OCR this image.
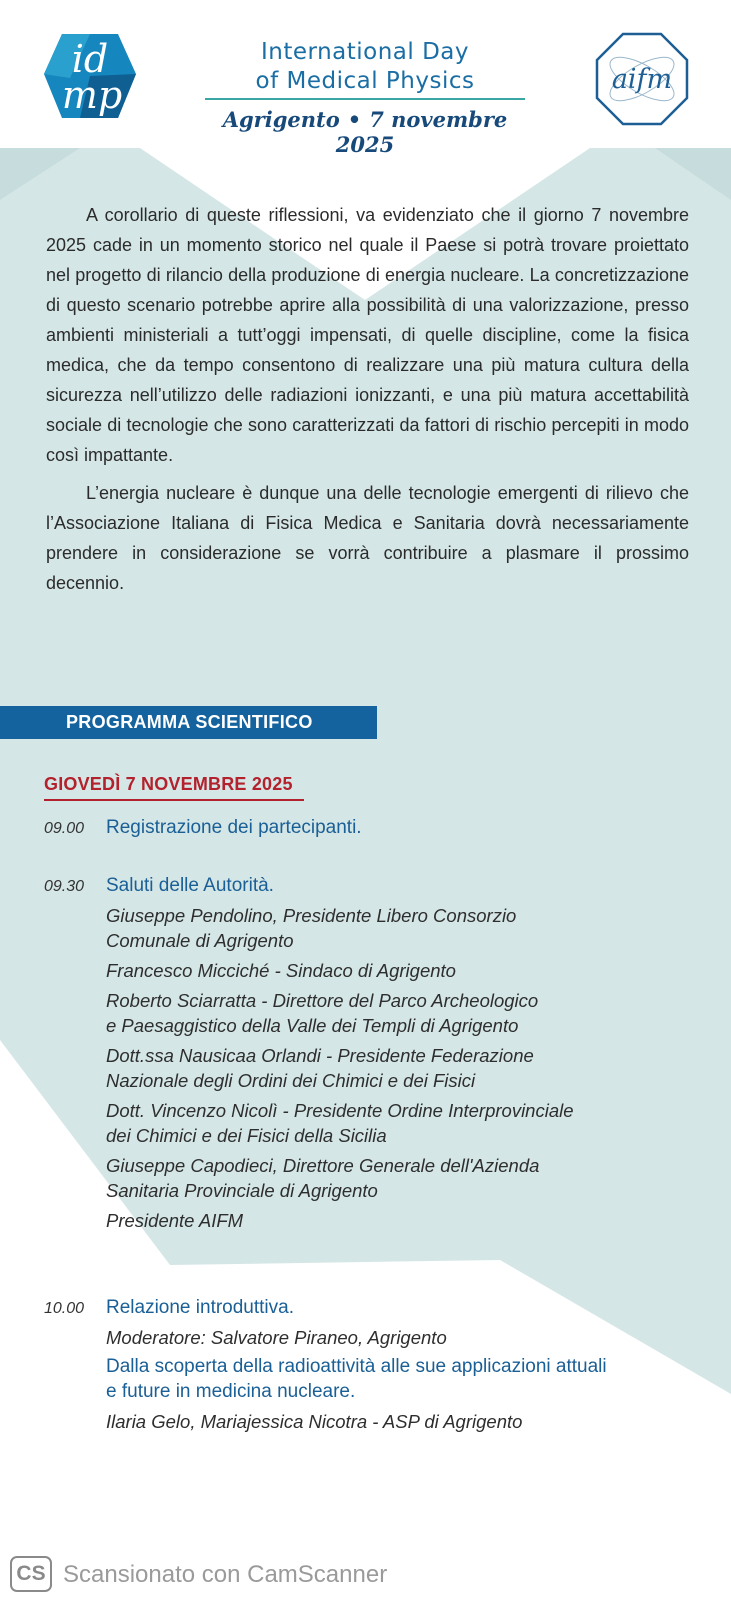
id
mp
International Day
of Medical Physics
Agrigento • 7 novembre 2025
aifm

A corollario di queste riflessioni, va evidenziato che il giorno 7 novembre 2025 cade in un momento storico nel quale il Paese si potrà trovare proiettato nel progetto di rilancio della produzione di energia nucleare. La concretizzazione di questo scenario potrebbe aprire alla possibilità di una valorizzazione, presso ambienti ministeriali a tutt’oggi impensati, di quelle discipline, come la fisica medica, che da tempo consentono di realizzare una più matura cultura della sicurezza nell’utilizzo delle radiazioni ionizzanti, e una più matura accettabilità sociale di tecnologie che sono caratterizzati da fattori di rischio percepiti in modo così impattante.

L’energia nucleare è dunque una delle tecnologie emergenti di rilievo che l’Associazione Italiana di Fisica Medica e Sanitaria dovrà necessariamente prendere in considerazione se vorrà contribuire a plasmare il prossimo decennio.

PROGRAMMA SCIENTIFICO
GIOVEDÌ 7 NOVEMBRE 2025
09.00 Registrazione dei partecipanti.
09.30 Saluti delle Autorità.
Giuseppe Pendolino, Presidente Libero Consorzio
Comunale di Agrigento
Francesco Micciché - Sindaco di Agrigento
Roberto Sciarratta - Direttore del Parco Archeologico
e Paesaggistico della Valle dei Templi di Agrigento
Dott.ssa Nausicaa Orlandi - Presidente Federazione
Nazionale degli Ordini dei Chimici e dei Fisici
Dott. Vincenzo Nicolì - Presidente Ordine Interprovinciale
dei Chimici e dei Fisici della Sicilia
Giuseppe Capodieci, Direttore Generale dell'Azienda
Sanitaria Provinciale di Agrigento
Presidente AIFM
10.00 Relazione introduttiva.
Moderatore: Salvatore Piraneo, Agrigento
Dalla scoperta della radioattività alle sue applicazioni attuali
e future in medicina nucleare.
Ilaria Gelo, Mariajessica Nicotra - ASP di Agrigento
CS Scansionato con CamScanner
